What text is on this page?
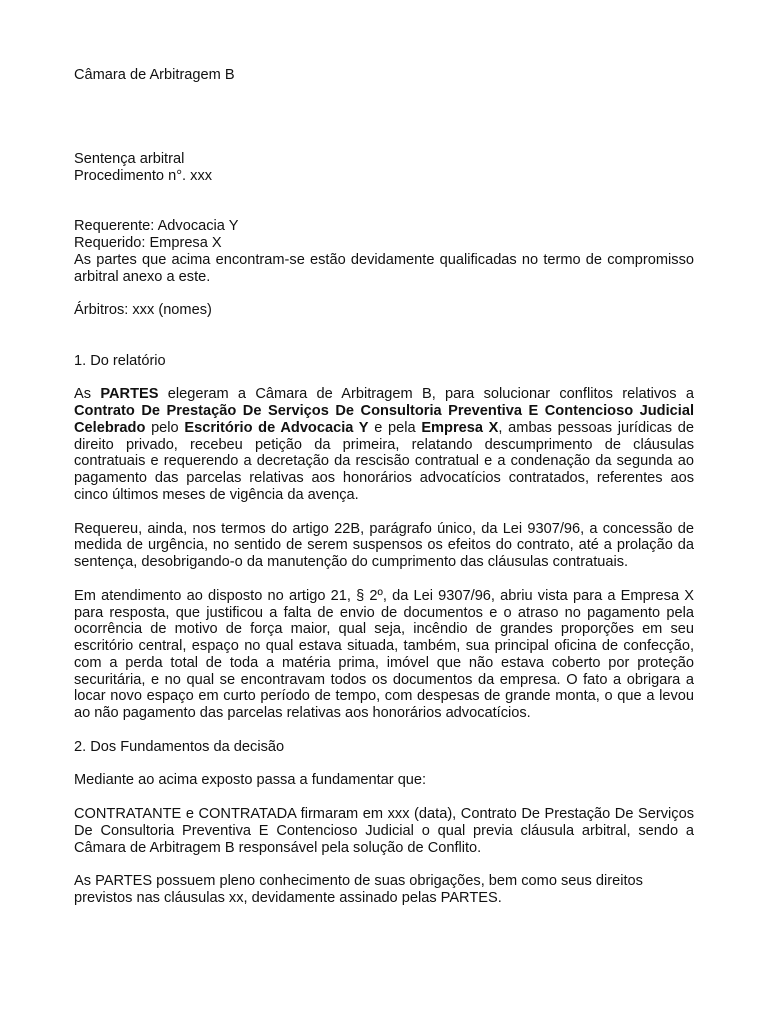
Câmara de Arbitragem B
Sentença arbitral
Procedimento n°. xxx
Requerente: Advocacia Y
Requerido: Empresa X

As partes que acima encontram-se estão devidamente qualificadas no termo de compromisso arbitral anexo a este.

Árbitros: xxx (nomes)
1. Do relatório

As PARTES elegeram a Câmara de Arbitragem B, para solucionar conflitos relativos a Contrato De Prestação De Serviços De Consultoria Preventiva E Contencioso Judicial Celebrado pelo Escritório de Advocacia Y e pela Empresa X, ambas pessoas jurídicas de direito privado, recebeu petição da primeira, relatando descumprimento de cláusulas contratuais e requerendo a decretação da rescisão contratual e a condenação da segunda ao pagamento das parcelas relativas aos honorários advocatícios contratados, referentes aos cinco últimos meses de vigência da avença.

Requereu, ainda, nos termos do artigo 22B, parágrafo único, da Lei 9307/96, a concessão de medida de urgência, no sentido de serem suspensos os efeitos do contrato, até a prolação da sentença, desobrigando-o da manutenção do cumprimento das cláusulas contratuais.

Em atendimento ao disposto no artigo 21, § 2º, da Lei 9307/96, abriu vista para a Empresa X para resposta, que justificou a falta de envio de documentos e o atraso no pagamento pela ocorrência de motivo de força maior, qual seja, incêndio de grandes proporções em seu escritório central, espaço no qual estava situada, também, sua principal oficina de confecção, com a perda total de toda a matéria prima, imóvel que não estava coberto por proteção securitária, e no qual se encontravam todos os documentos da empresa. O fato a obrigara a locar novo espaço em curto período de tempo, com despesas de grande monta, o que a levou ao não pagamento das parcelas relativas aos honorários advocatícios.

2. Dos Fundamentos da decisão
Mediante ao acima exposto passa a fundamentar que:

CONTRATANTE e CONTRATADA firmaram em xxx (data), Contrato De Prestação De Serviços De Consultoria Preventiva E Contencioso Judicial o qual previa cláusula arbitral, sendo a Câmara de Arbitragem B responsável pela solução de Conflito.

As PARTES possuem pleno conhecimento de suas obrigações, bem como seus direitos
previstos nas cláusulas xx, devidamente assinado pelas PARTES.
